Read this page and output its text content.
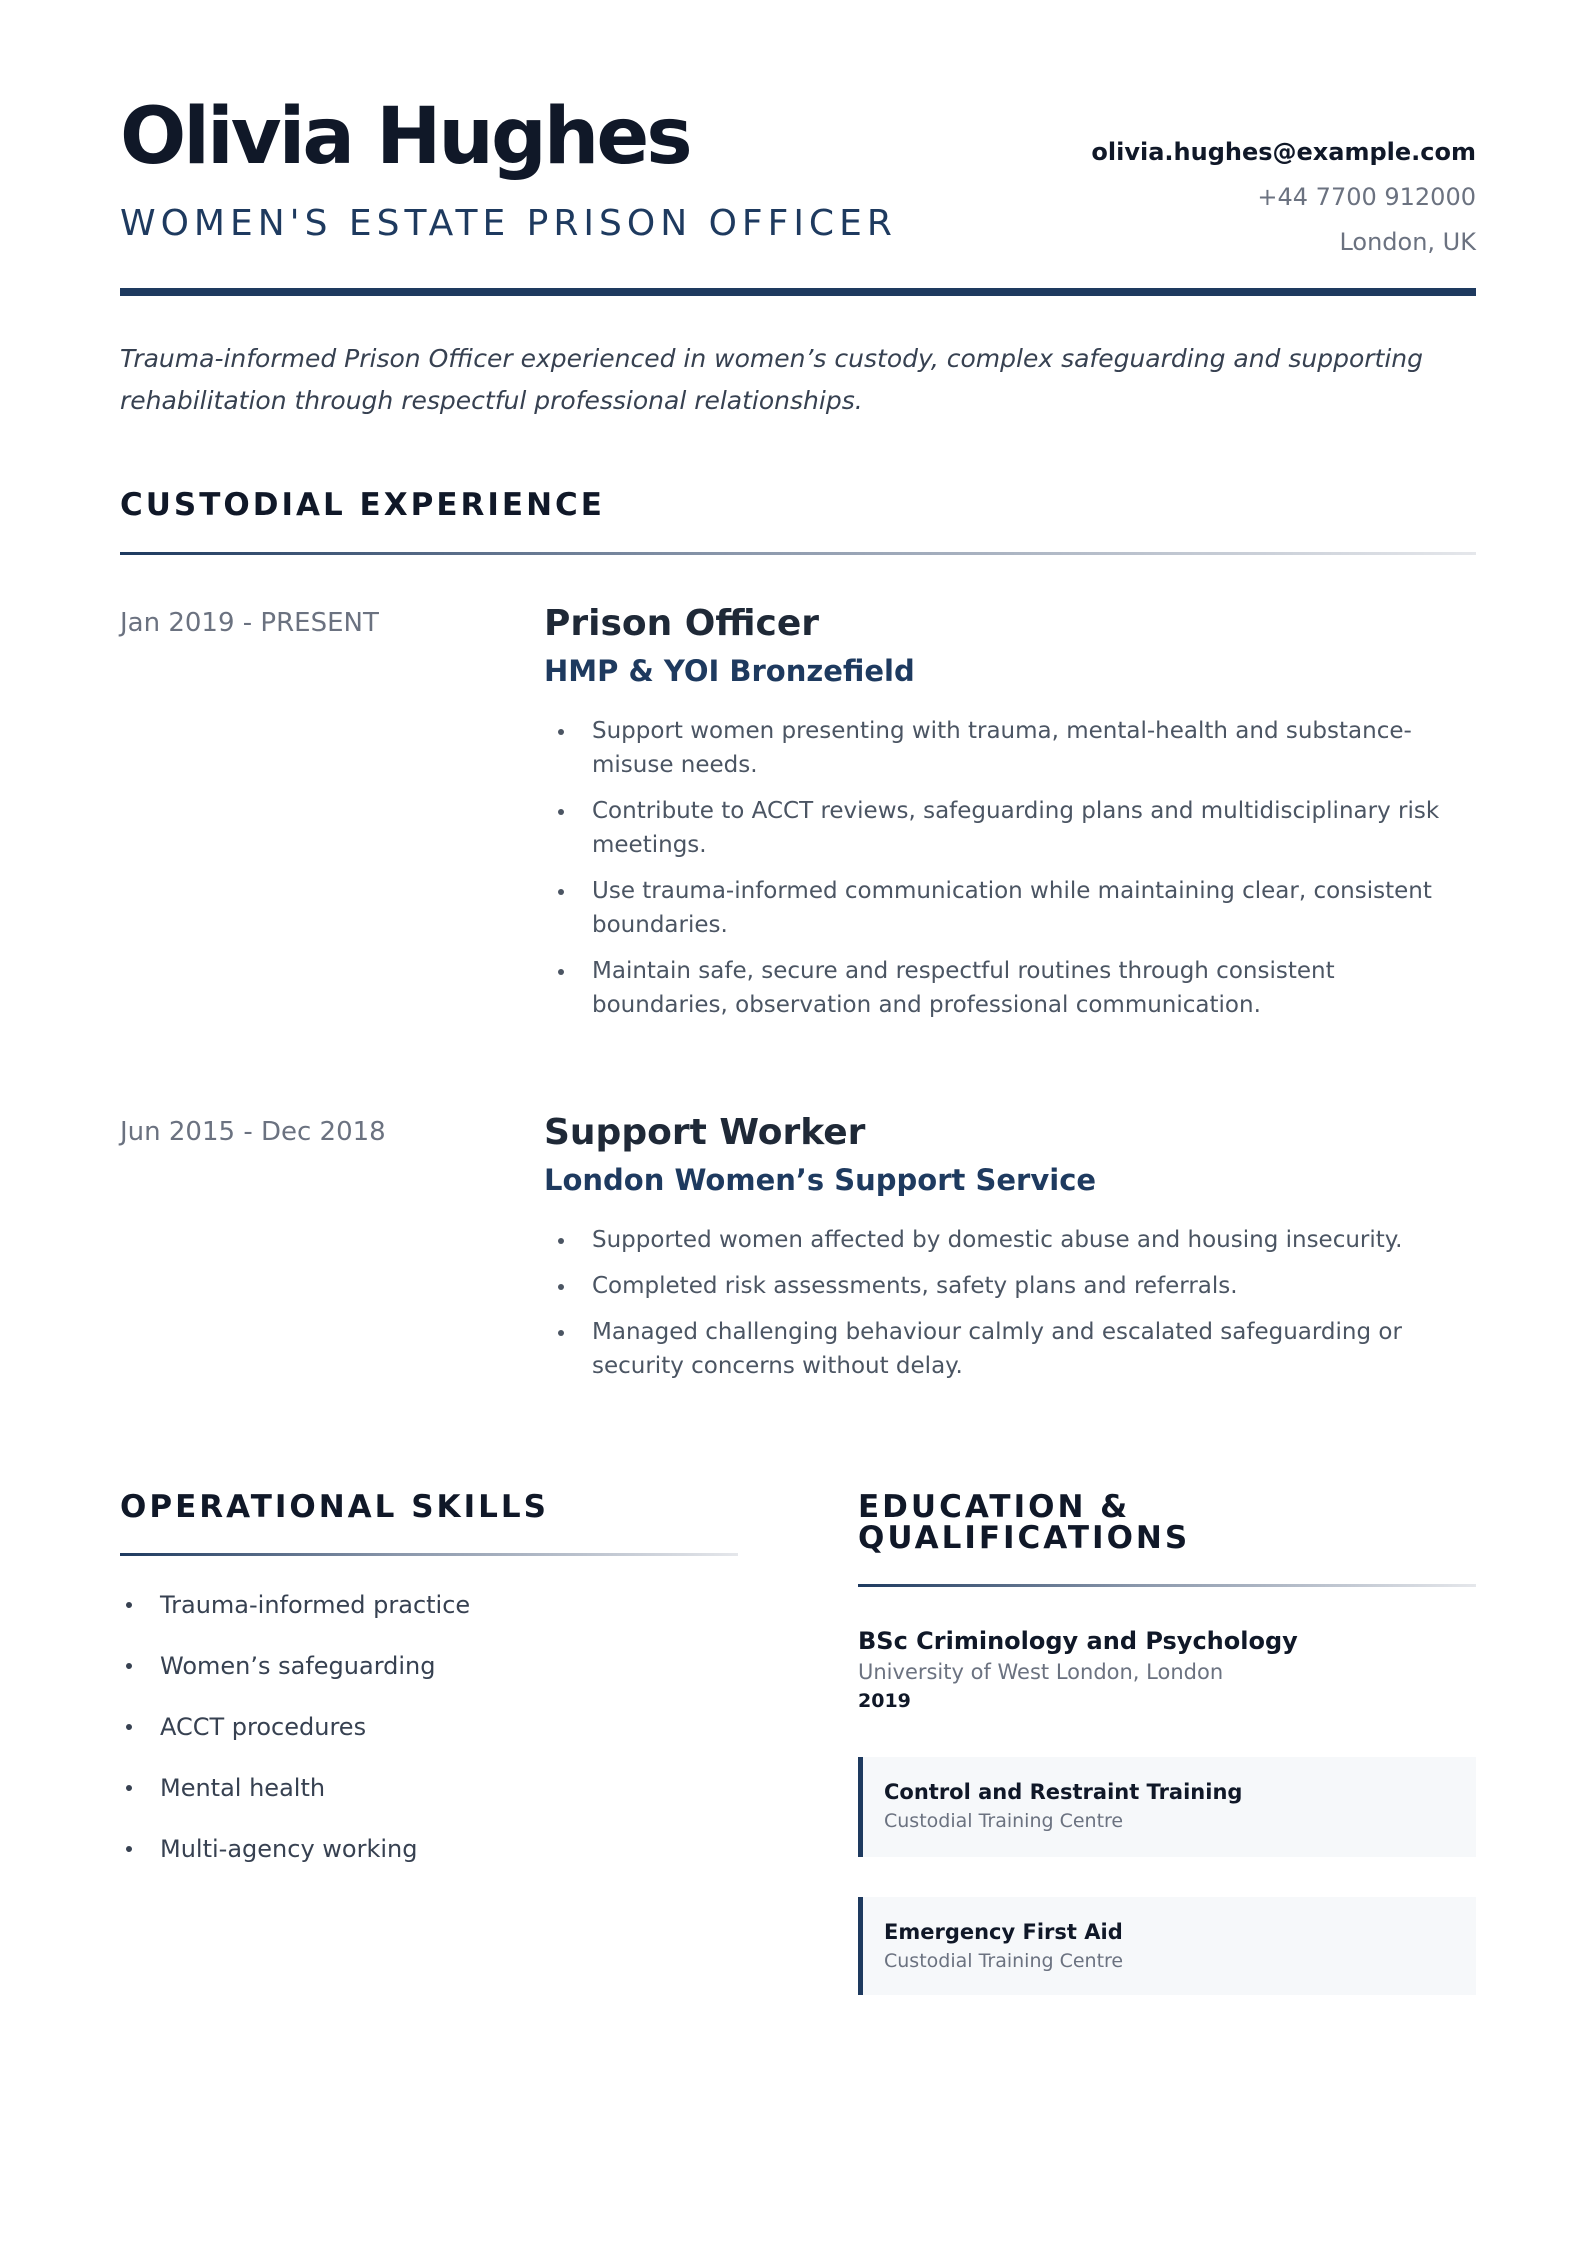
Olivia Hughes
WOMEN'S ESTATE PRISON OFFICER
olivia.hughes@example.com
+44 7700 912000
London, UK

Trauma-informed Prison Officer experienced in women’s custody, complex safeguarding and supporting rehabilitation through respectful professional relationships.

CUSTODIAL EXPERIENCE
Jan 2019 - PRESENT	Prison Officer
HMP & YOI Bronzefield
Support women presenting with trauma, mental-health and substance-misuse needs.
Contribute to ACCT reviews, safeguarding plans and multidisciplinary risk meetings.
Use trauma-informed communication while maintaining clear, consistent boundaries.
Maintain safe, secure and respectful routines through consistent boundaries, observation and professional communication.
Jun 2015 - Dec 2018	Support Worker
London Women’s Support Service
Supported women affected by domestic abuse and housing insecurity.
Completed risk assessments, safety plans and referrals.
Managed challenging behaviour calmly and escalated safeguarding or security concerns without delay.
OPERATIONAL SKILLS
Trauma-informed practice
Women’s safeguarding
ACCT procedures
Mental health
Multi-agency working
EDUCATION & QUALIFICATIONS
BSc Criminology and Psychology
University of West London, London
2019
Control and Restraint Training
Custodial Training Centre
Emergency First Aid
Custodial Training Centre
